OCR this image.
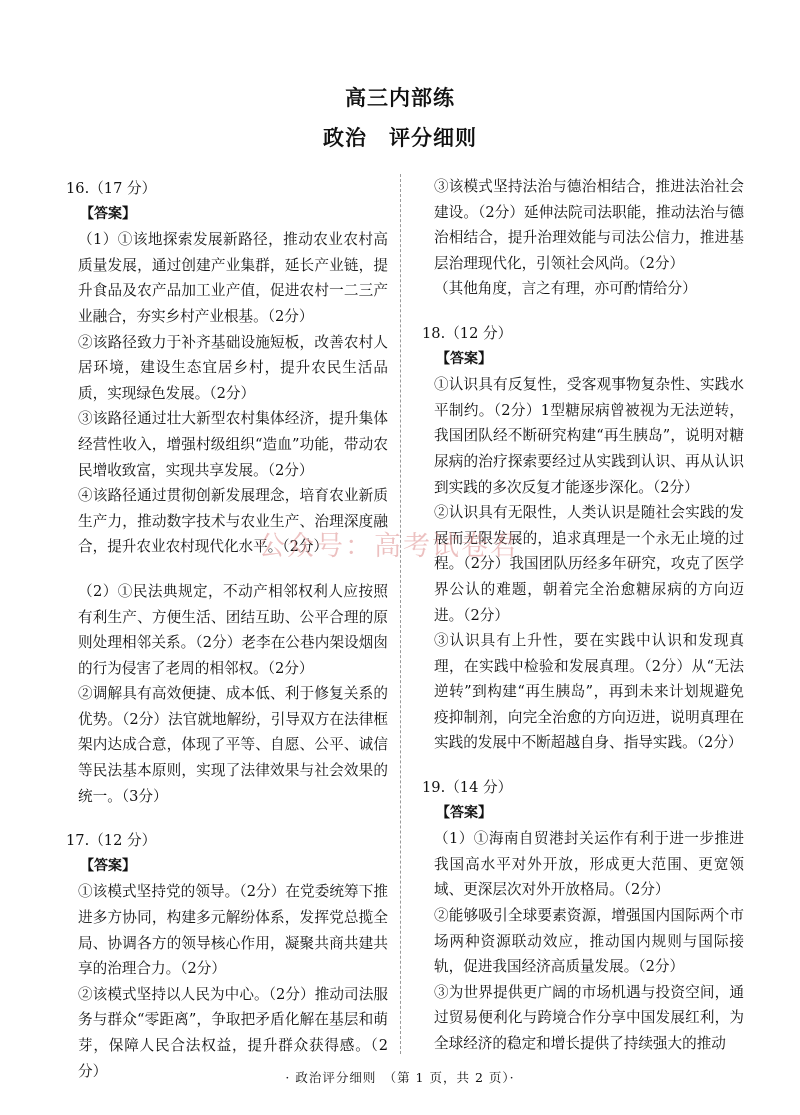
高三内部练
政治 评分细则

16.（17 分）

【答案】

（1）①该地探索发展新路径，推动农业农村高质量发展，通过创建产业集群，延长产业链，提升食品及农产品加工业产值，促进农村一二三产业融合，夯实乡村产业根基。（2分）

②该路径致力于补齐基础设施短板，改善农村人居环境，建设生态宜居乡村，提升农民生活品质，实现绿色发展。（2分）

③该路径通过壮大新型农村集体经济，提升集体经营性收入，增强村级组织“造血”功能，带动农民增收致富，实现共享发展。（2分）

④该路径通过贯彻创新发展理念，培育农业新质生产力，推动数字技术与农业生产、治理深度融合，提升农业农村现代化水平。（2分）

（2）①民法典规定，不动产相邻权利人应按照有利生产、方便生活、团结互助、公平合理的原则处理相邻关系。（2分）老李在公巷内架设烟囱的行为侵害了老周的相邻权。（2分）

②调解具有高效便捷、成本低、利于修复关系的优势。（2分）法官就地解纷，引导双方在法律框架内达成合意，体现了平等、自愿、公平、诚信等民法基本原则，实现了法律效果与社会效果的统一。（3分）

17.（12 分）

【答案】

①该模式坚持党的领导。（2分）在党委统筹下推进多方协同，构建多元解纷体系，发挥党总揽全局、协调各方的领导核心作用，凝聚共商共建共享的治理合力。（2分）

②该模式坚持以人民为中心。（2分）推动司法服务与群众“零距离”，争取把矛盾化解在基层和萌芽，保障人民合法权益，提升群众获得感。（2分）

③该模式坚持法治与德治相结合，推进法治社会建设。（2分）延伸法院司法职能，推动法治与德治相结合，提升治理效能与司法公信力，推进基层治理现代化，引领社会风尚。（2分）

（其他角度，言之有理，亦可酌情给分）

18.（12 分）

【答案】

①认识具有反复性，受客观事物复杂性、实践水平制约。（2分）1型糖尿病曾被视为无法逆转，我国团队经不断研究构建“再生胰岛”，说明对糖尿病的治疗探索要经过从实践到认识、再从认识到实践的多次反复才能逐步深化。（2分）

②认识具有无限性，人类认识是随社会实践的发展而无限发展的，追求真理是一个永无止境的过程。（2分）我国团队历经多年研究，攻克了医学界公认的难题，朝着完全治愈糖尿病的方向迈进。（2分）

③认识具有上升性，要在实践中认识和发现真理，在实践中检验和发展真理。（2分）从“无法逆转”到构建“再生胰岛”，再到未来计划规避免疫抑制剂，向完全治愈的方向迈进，说明真理在实践的发展中不断超越自身、指导实践。（2分）

19.（14 分）

【答案】

（1）①海南自贸港封关运作有利于进一步推进我国高水平对外开放，形成更大范围、更宽领域、更深层次对外开放格局。（2分）

②能够吸引全球要素资源，增强国内国际两个市场两种资源联动效应，推动国内规则与国际接轨，促进我国经济高质量发展。（2分）

③为世界提供更广阔的市场机遇与投资空间，通过贸易便利化与跨境合作分享中国发展红利，为全球经济的稳定和增长提供了持续强大的推动

公众号：高考试卷君
· 政治评分细则　（第 1 页，共 2 页）·
